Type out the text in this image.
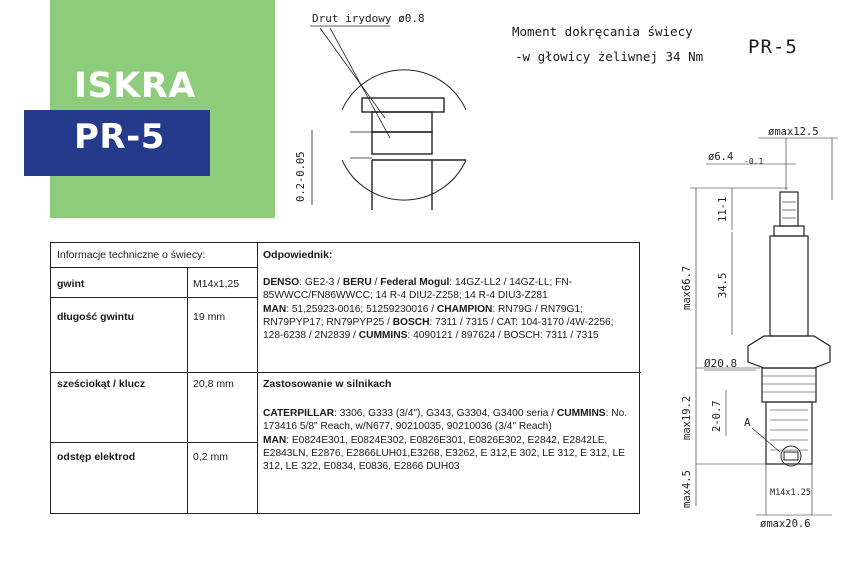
ISKRA
PR-5
Drut irydowy ø0.8
0.2-0.05
Moment dokręcania świecy
-w głowicy żeliwnej 34 Nm PR-5
ømax12.5
ø6.4 -0.1
max66.7
11-1
34.5
Ø20.8
A
max19.2 2-0.7
max4.5	M14x1.25
ømax20.6
Informacje techniczne o świecy:
gwint	M14x1,25
długość gwintu	19 mm
sześciokąt / klucz	20,8 mm
odstęp elektrod	0,2 mm
Odpowiednik:
DENSO: GE2-3 / BERU / Federal Mogul: 14GZ-LL2 / 14GZ-LL; FN-85WWCC/FN86WWCC; 14 R-4 DIU2-Z258; 14 R-4 DIU3-Z281
MAN: 51,25923-0016; 51259230016 / CHAMPION: RN79G / RN79G1; RN79PYP17; RN79PYP25 / BOSCH: 7311 / 7315 / CAT: 104-3170 /4W-2256; 128-6238 / 2N2839 / CUMMINS: 4090121 / 897624 / BOSCH: 7311 / 7315
Zastosowanie w silnikach
CATERPILLAR: 3306, G333 (3/4"), G343, G3304, G3400 seria / CUMMINS: No. 173416 5/8" Reach, w/N677, 90210035, 90210036 (3/4" Reach)
MAN: E0824E301, E0824E302, E0826E301, E0826E302, E2842, E2842LE, E2843LN, E2876, E2866LUH01,E3268, E3262, E 312,E 302, LE 312, E 312, LE 312, LE 322, E0834, E0836, E2866 DUH03
